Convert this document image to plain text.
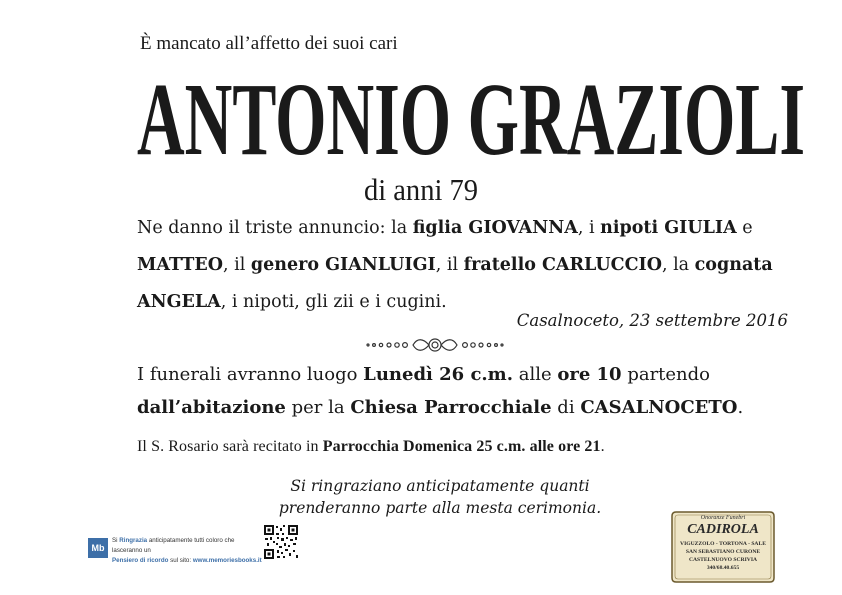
È mancato all’affetto dei suoi cari
ANTONIO GRAZIOLI
di anni 79
Ne danno il triste annuncio: la figlia GIOVANNA, i nipoti GIULIA e
MATTEO, il genero GIANLUIGI, il fratello CARLUCCIO, la cognata
ANGELA, i nipoti, gli zii e i cugini.
Casalnoceto, 23 settembre 2016
I funerali avranno luogo Lunedì 26 c.m. alle ore 10 partendo
dall’abitazione per la Chiesa Parrocchiale di CASALNOCETO.
Il S. Rosario sarà recitato in Parrocchia Domenica 25 c.m. alle ore 21.
Si ringraziano anticipatamente quanti
prenderanno parte alla mesta cerimonia.
Mb
Si Ringrazia anticipatamente tutti coloro che lasceranno un
Pensiero di ricordo sul sito: www.memoriesbooks.it
Onoranze Funebri
CADIROLA
VIGUZZOLO - TORTONA - SALE
SAN SEBASTIANO CURONE
CASTELNUOVO SCRIVIA
340/68.40.655
